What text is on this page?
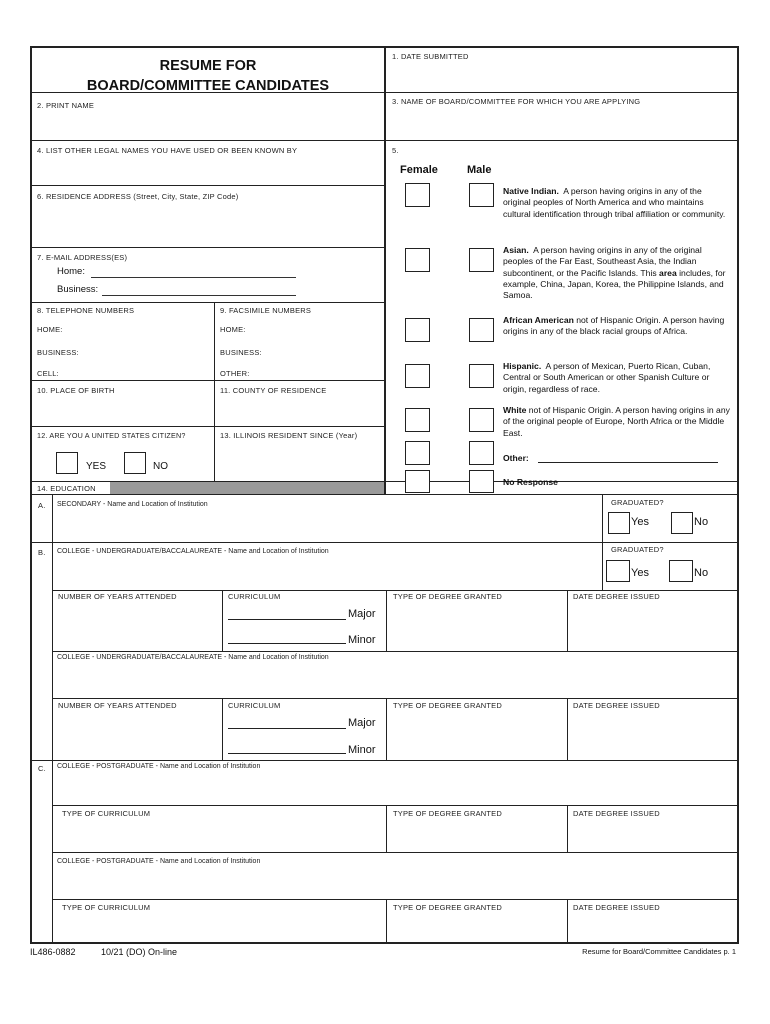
RESUME FOR
BOARD/COMMITTEE CANDIDATES
1. DATE SUBMITTED
2. PRINT NAME	3. NAME OF BOARD/COMMITTEE FOR WHICH YOU ARE APPLYING
4. LIST OTHER LEGAL NAMES YOU HAVE USED OR BEEN KNOWN BY	5.
6. RESIDENCE ADDRESS (Street, City, State, ZIP Code)
7. E-MAIL ADDRESS(ES)
Home:
Business:
8. TELEPHONE NUMBERS	9. FACSIMILE NUMBERS
HOME:
BUSINESS:
CELL:
HOME:
BUSINESS:
OTHER:
10. PLACE OF BIRTH	11. COUNTY OF RESIDENCE
12. ARE YOU A UNITED STATES CITIZEN?	13. ILLINOIS RESIDENT SINCE (Year)
YES	NO
Female	Male
Native Indian. A person having origins in any of the original peoples of North America and who maintains cultural identification through tribal affiliation or community.
Asian. A person having origins in any of the original peoples of the Far East, Southeast Asia, the Indian subcontinent, or the Pacific Islands. This area includes, for example, China, Japan, Korea, the Philippine Islands, and Samoa.
African American not of Hispanic Origin. A person having origins in any of the black racial groups of Africa.
Hispanic. A person of Mexican, Puerto Rican, Cuban, Central or South American or other Spanish Culture or origin, regardless of race.
White not of Hispanic Origin. A person having origins in any of the original people of Europe, North Africa or the Middle East.
Other:
No Response
14. EDUCATION
A. SECONDARY - Name and Location of Institution	GRADUATED?
Yes	No
B. COLLEGE - UNDERGRADUATE/BACCALAUREATE - Name and Location of Institution	GRADUATED?
Yes	No
NUMBER OF YEARS ATTENDED	CURRICULUM	TYPE OF DEGREE GRANTED	DATE DEGREE ISSUED
Major
Minor
COLLEGE - UNDERGRADUATE/BACCALAUREATE - Name and Location of Institution
NUMBER OF YEARS ATTENDED	CURRICULUM	TYPE OF DEGREE GRANTED	DATE DEGREE ISSUED
Major
Minor
C. COLLEGE - POSTGRADUATE - Name and Location of Institution
TYPE OF CURRICULUM	TYPE OF DEGREE GRANTED	DATE DEGREE ISSUED
COLLEGE - POSTGRADUATE - Name and Location of Institution
TYPE OF CURRICULUM	TYPE OF DEGREE GRANTED	DATE DEGREE ISSUED
IL486-0882	10/21 (DO) On-line	Resume for Board/Committee Candidates p. 1
